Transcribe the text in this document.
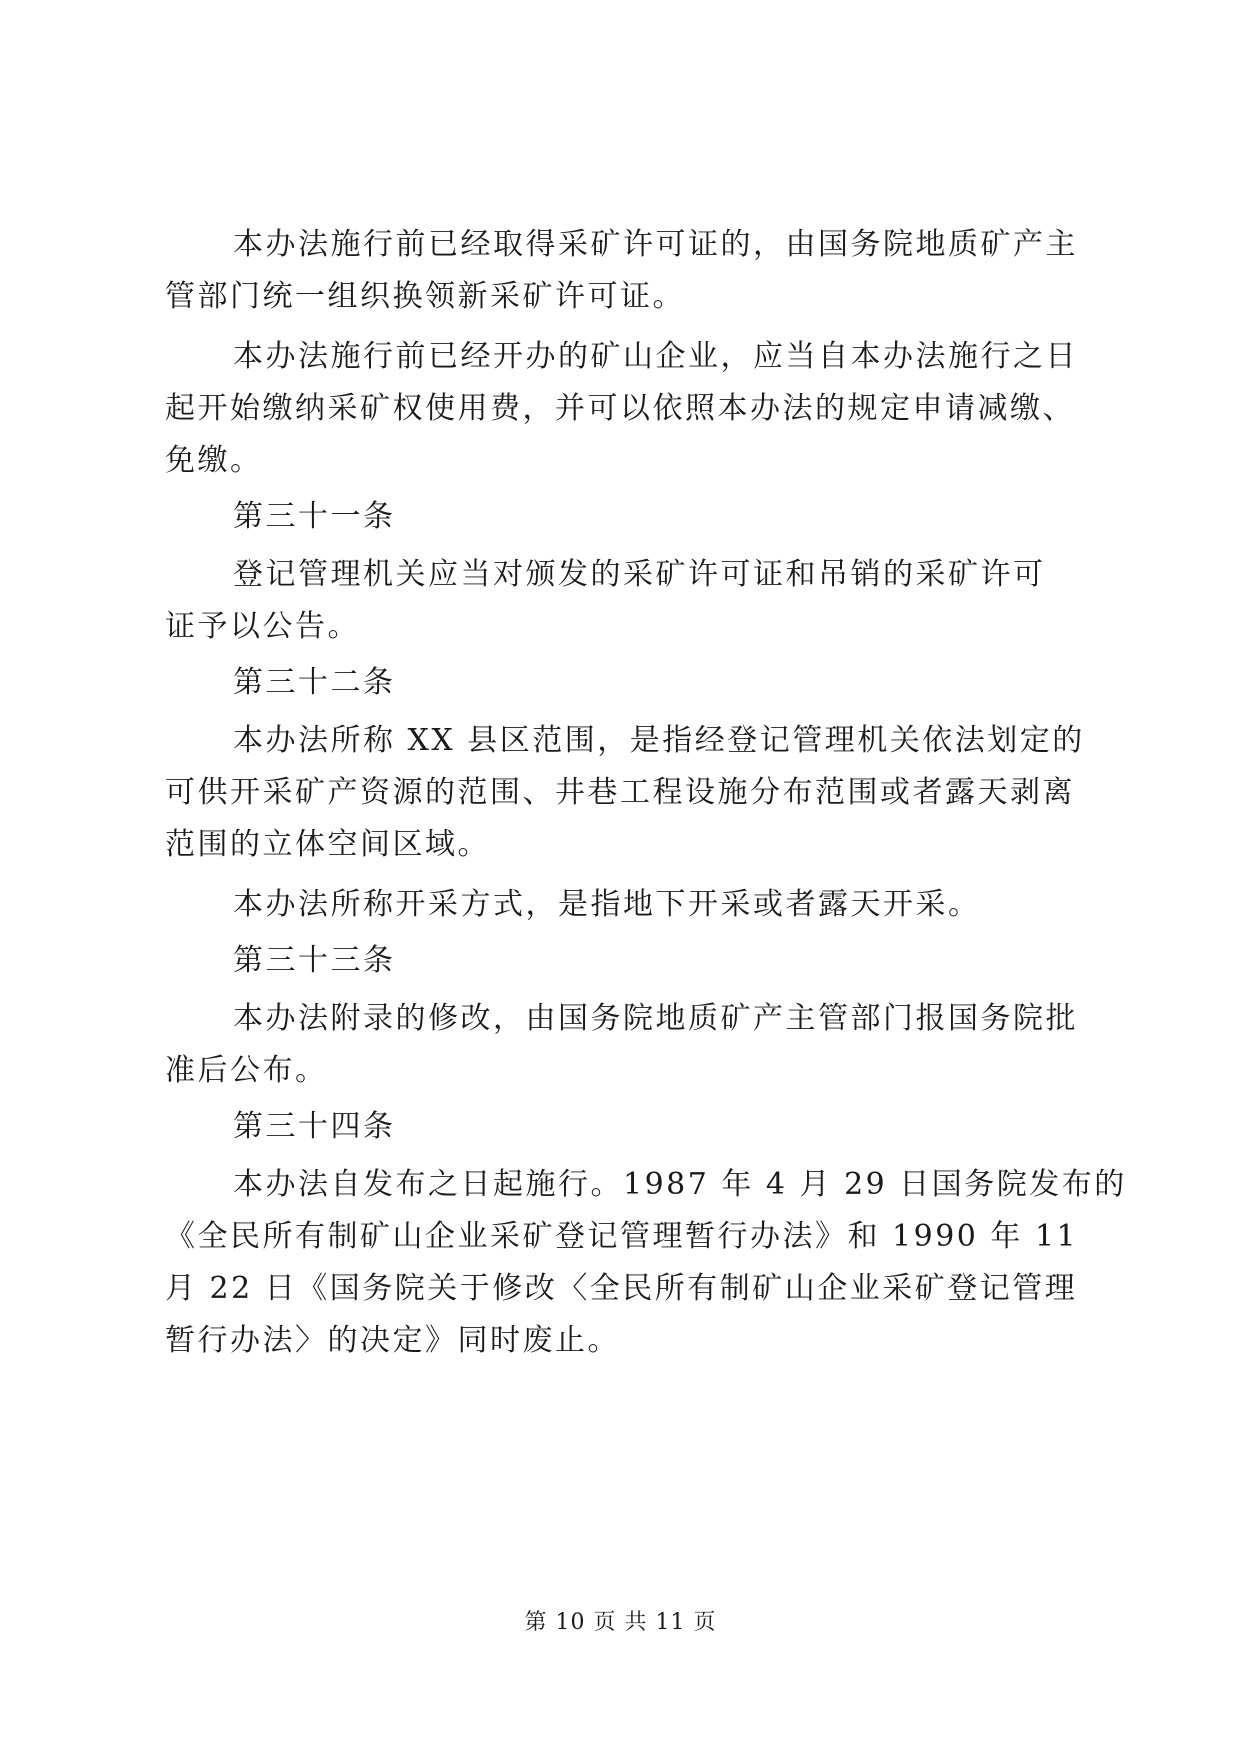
本办法施行前已经取得采矿许可证的，由国务院地质矿产主
管部门统一组织换领新采矿许可证。
本办法施行前已经开办的矿山企业，应当自本办法施行之日
起开始缴纳采矿权使用费，并可以依照本办法的规定申请减缴、
免缴。
第三十一条
登记管理机关应当对颁发的采矿许可证和吊销的采矿许可
证予以公告。
第三十二条
本办法所称 XX 县区范围，是指经登记管理机关依法划定的
可供开采矿产资源的范围、井巷工程设施分布范围或者露天剥离
范围的立体空间区域。
本办法所称开采方式，是指地下开采或者露天开采。
第三十三条
本办法附录的修改，由国务院地质矿产主管部门报国务院批
准后公布。
第三十四条
本办法自发布之日起施行。1987 年 4 月 29 日国务院发布的
《全民所有制矿山企业采矿登记管理暂行办法》和 1990 年 11
月 22 日《国务院关于修改〈全民所有制矿山企业采矿登记管理
暂行办法〉的决定》同时废止。
第 10 页 共 11 页
